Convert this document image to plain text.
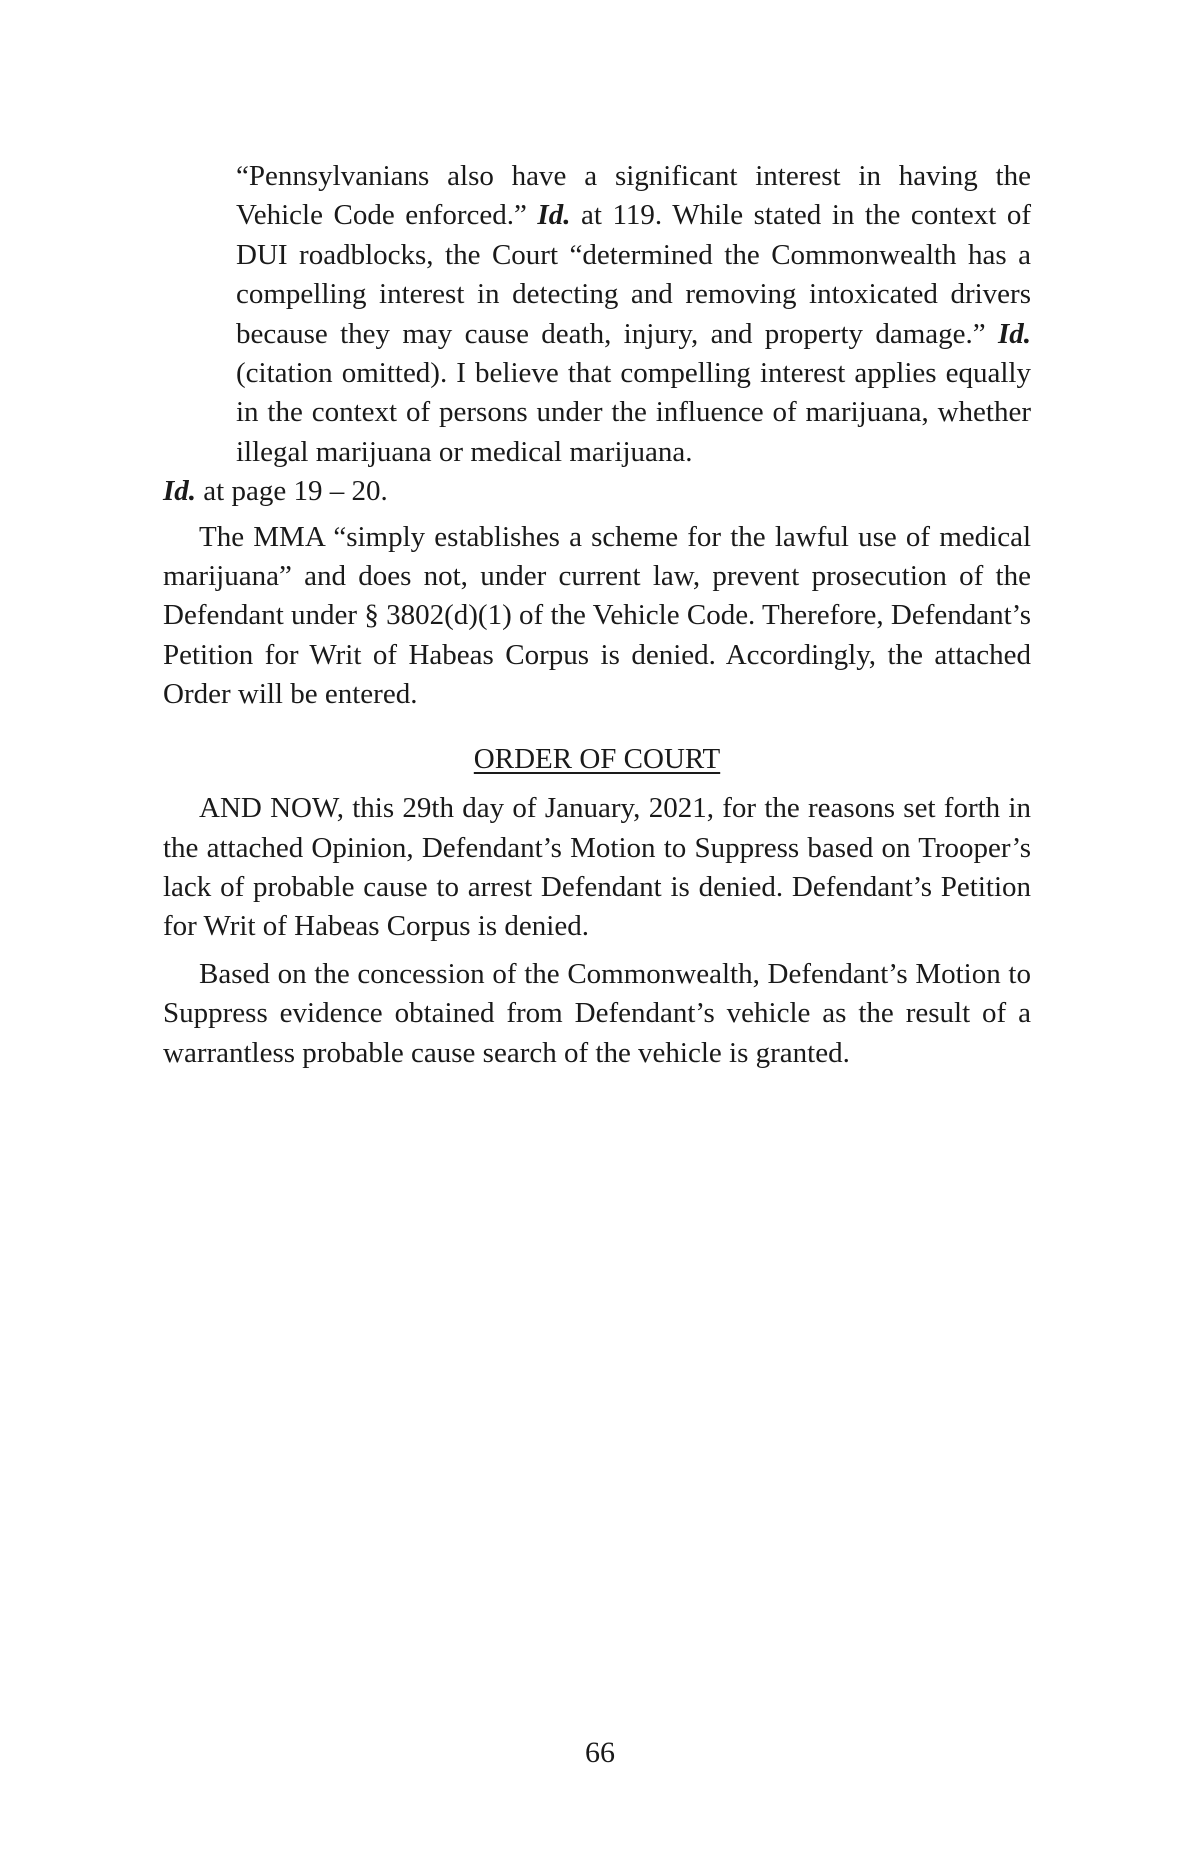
“Pennsylvanians also have a significant interest in having the Vehicle Code enforced.” Id. at 119. While stated in the context of DUI roadblocks, the Court “determined the Commonwealth has a compelling interest in detecting and removing intoxicated drivers because they may cause death, injury, and property damage.” Id. (citation omitted). I believe that compelling interest applies equally in the context of persons under the influence of marijuana, whether illegal marijuana or medical marijuana.

Id. at page 19 – 20.

The MMA “simply establishes a scheme for the lawful use of medical marijuana” and does not, under current law, prevent prosecution of the Defendant under § 3802(d)(1) of the Vehicle Code. Therefore, Defendant’s Petition for Writ of Habeas Corpus is denied. Accordingly, the attached Order will be entered.

ORDER OF COURT

AND NOW, this 29th day of January, 2021, for the reasons set forth in the attached Opinion, Defendant’s Motion to Suppress based on Trooper’s lack of probable cause to arrest Defendant is denied. Defendant’s Petition for Writ of Habeas Corpus is denied.

Based on the concession of the Commonwealth, Defendant’s Motion to Suppress evidence obtained from Defendant’s vehicle as the result of a warrantless probable cause search of the vehicle is granted.

66
